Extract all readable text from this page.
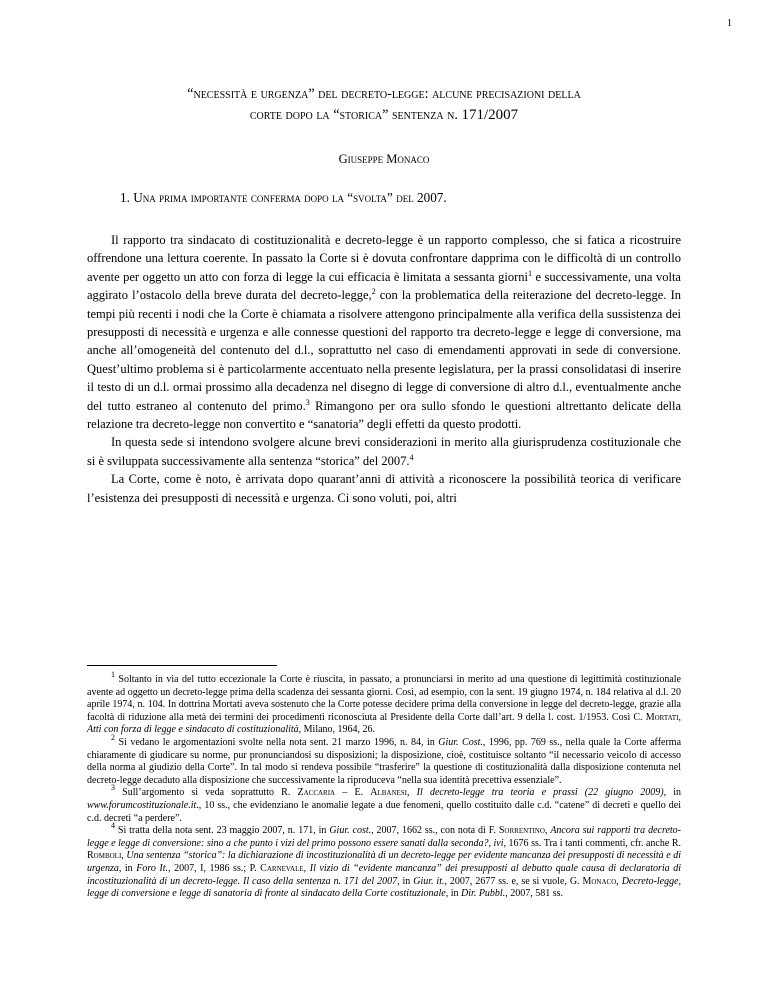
1
“necessità e urgenza” del decreto-legge: alcune precisazioni della
corte dopo la “storica” sentenza n. 171/2007
Giuseppe Monaco
1. Una prima importante conferma dopo la “svolta” del 2007.

Il rapporto tra sindacato di costituzionalità e decreto-legge è un rapporto complesso, che si fatica a ricostruire offrendone una lettura coerente. In passato la Corte si è dovuta confrontare dapprima con le difficoltà di un controllo avente per oggetto un atto con forza di legge la cui efficacia è limitata a sessanta giorni$^1$ e successivamente, una volta aggirato l’ostacolo della breve durata del decreto-legge,$^2$ con la problematica della reiterazione del decreto-legge. In tempi più recenti i nodi che la Corte è chiamata a risolvere attengono principalmente alla verifica della sussistenza dei presupposti di necessità e urgenza e alle connesse questioni del rapporto tra decreto-legge e legge di conversione, ma anche all’omogeneità del contenuto del d.l., soprattutto nel caso di emendamenti approvati in sede di conversione. Quest’ultimo problema si è particolarmente accentuato nella presente legislatura, per la prassi consolidatasi di inserire il testo di un d.l. ormai prossimo alla decadenza nel disegno di legge di conversione di altro d.l., eventualmente anche del tutto estraneo al contenuto del primo.$^3$ Rimangono per ora sullo sfondo le questioni altrettanto delicate della relazione tra decreto-legge non convertito e “sanatoria” degli effetti da questo prodotti.

In questa sede si intendono svolgere alcune brevi considerazioni in merito alla giurisprudenza costituzionale che si è sviluppata successivamente alla sentenza “storica” del 2007.$^4$

La Corte, come è noto, è arrivata dopo quarant’anni di attività a riconoscere la possibilità teorica di verificare l’esistenza dei presupposti di necessità e urgenza. Ci sono voluti, poi, altri

$^1$ Soltanto in via del tutto eccezionale la Corte è riuscita, in passato, a pronunciarsi in merito ad una questione di legittimità costituzionale avente ad oggetto un decreto-legge prima della scadenza dei sessanta giorni. Così, ad esempio, con la sent. 19 giugno 1974, n. 184 relativa al d.l. 20 aprile 1974, n. 104. In dottrina Mortati aveva sostenuto che la Corte potesse decidere prima della conversione in legge del decreto-legge, grazie alla facoltà di riduzione alla metà dei termini dei procedimenti riconosciuta al Presidente della Corte dall’art. 9 della l. cost. 1/1953. Così C. Mortati, Atti con forza di legge e sindacato di costituzionalità, Milano, 1964, 26.

$^2$ Si vedano le argomentazioni svolte nella nota sent. 21 marzo 1996, n. 84, in Giur. Cost., 1996, pp. 769 ss., nella quale la Corte afferma chiaramente di giudicare su norme, pur pronunciandosi su disposizioni; la disposizione, cioè, costituisce soltanto “il necessario veicolo di accesso della norma al giudizio della Corte”. In tal modo si rendeva possibile “trasferire” la questione di costituzionalità dalla disposizione contenuta nel decreto-legge decaduto alla disposizione che successivamente la riproduceva “nella sua identità precettiva essenziale”.

$^3$ Sull’argomento si veda soprattutto R. Zaccaria – E. Albanesi, Il decreto-legge tra teoria e prassi (22 giugno 2009), in www.forumcostituzionale.it., 10 ss., che evidenziano le anomalie legate a due fenomeni, quello costituito dalle c.d. “catene” di decreti e quello dei c.d. decreti “a perdere”.

$^4$ Si tratta della nota sent. 23 maggio 2007, n. 171, in Giur. cost., 2007, 1662 ss., con nota di F. Sorrentino, Ancora sui rapporti tra decreto-legge e legge di conversione: sino a che punto i vizi del primo possono essere sanati dalla seconda?, ivi, 1676 ss. Tra i tanti commenti, cfr. anche R. Romboli, Una sentenza “storica”: la dichiarazione di incostituzionalità di un decreto-legge per evidente mancanza dei presupposti di necessità e di urgenza, in Foro It., 2007, I, 1986 ss.; P. Carnevale, Il vizio di “evidente mancanza” dei presupposti al debutto quale causa di declaratoria di incostituzionalità di un decreto-legge. Il caso della sentenza n. 171 del 2007, in Giur. it., 2007, 2677 ss. e, se si vuole, G. Monaco, Decreto-legge, legge di conversione e legge di sanatoria di fronte al sindacato della Corte costituzionale, in Dir. Pubbl., 2007, 581 ss.
